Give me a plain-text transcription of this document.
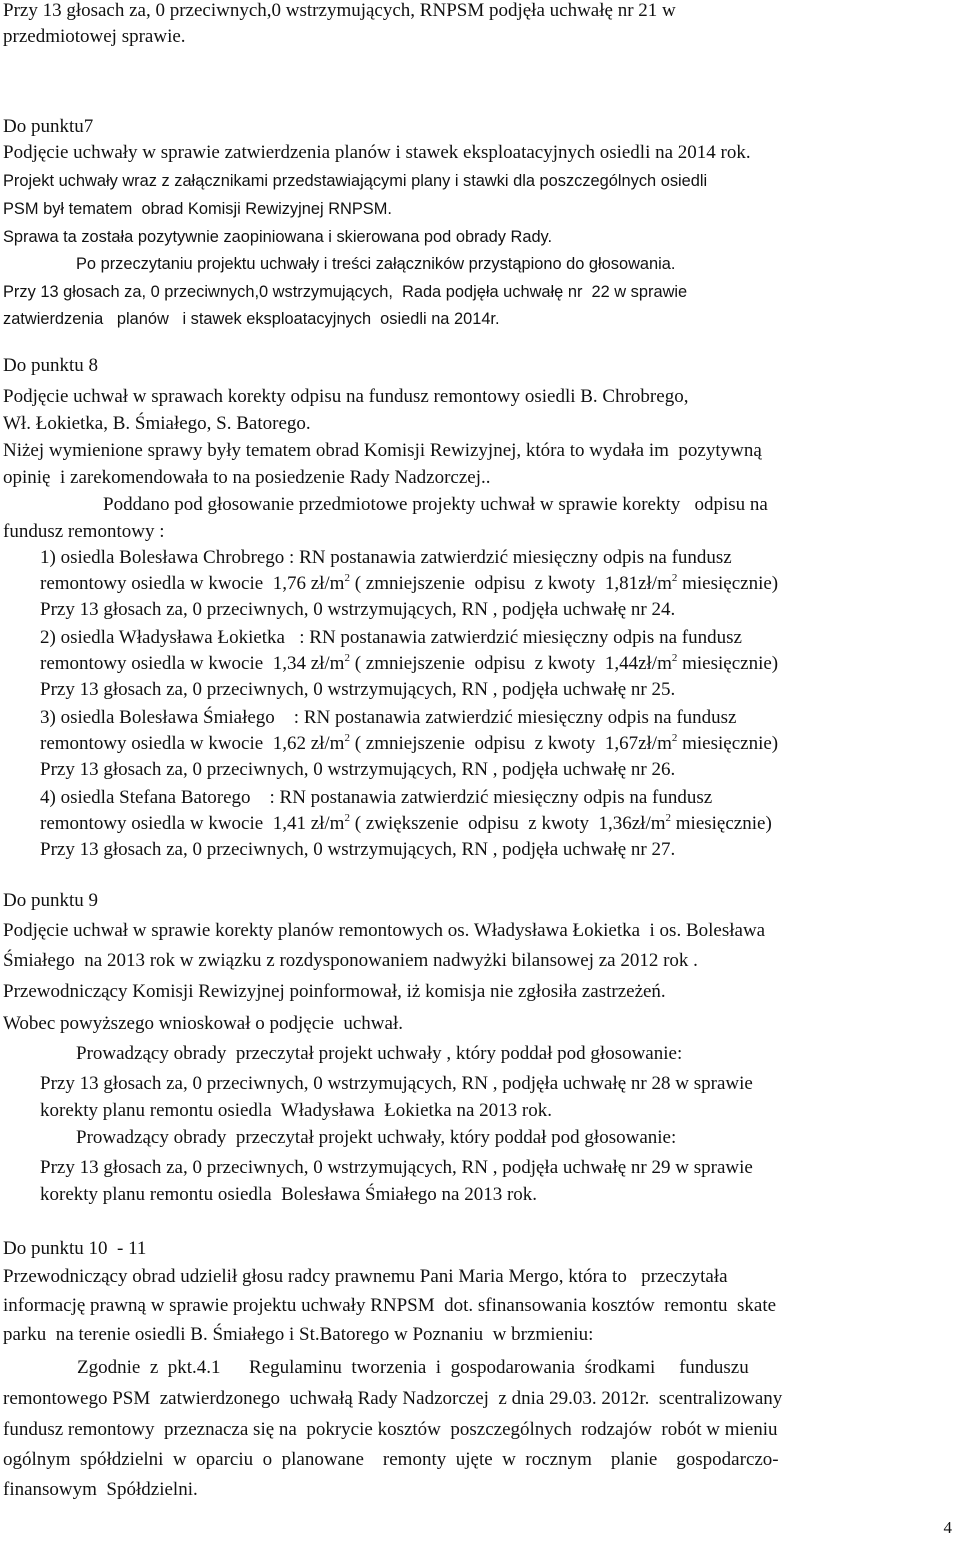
Przy 13 głosach za, 0 przeciwnych,0 wstrzymujących, RNPSM podjęła uchwałę nr 21 w

przedmiotowej sprawie.

Do punktu7

Podjęcie uchwały w sprawie zatwierdzenia planów i stawek eksploatacyjnych osiedli na 2014 rok.

Projekt uchwały wraz z załącznikami przedstawiającymi plany i stawki dla poszczególnych osiedli

PSM był tematem  obrad Komisji Rewizyjnej RNPSM.

Sprawa ta została pozytywnie zaopiniowana i skierowana pod obrady Rady.

Po przeczytaniu projektu uchwały i treści załączników przystąpiono do głosowania.

Przy 13 głosach za, 0 przeciwnych,0 wstrzymujących,  Rada podjęła uchwałę nr  22 w sprawie

zatwierdzenia   planów   i stawek eksploatacyjnych  osiedli na 2014r.

Do punktu 8

Podjęcie uchwał w sprawach korekty odpisu na fundusz remontowy osiedli B. Chrobrego,

Wł. Łokietka, B. Śmiałego, S. Batorego.

Niżej wymienione sprawy były tematem obrad Komisji Rewizyjnej, która to wydała im  pozytywną

opinię  i zarekomendowała to na posiedzenie Rady Nadzorczej..

Poddano pod głosowanie przedmiotowe projekty uchwał w sprawie korekty   odpisu na

fundusz remontowy :

1) osiedla Bolesława Chrobrego : RN postanawia zatwierdzić miesięczny odpis na fundusz

remontowy osiedla w kwocie  1,76 $zł/m^2$ ( zmniejszenie  odpisu  z kwoty  $1,81zł/m^2$ miesięcznie)

Przy 13 głosach za, 0 przeciwnych, 0 wstrzymujących, RN , podjęła uchwałę nr 24.

2) osiedla Władysława Łokietka   : RN postanawia zatwierdzić miesięczny odpis na fundusz

remontowy osiedla w kwocie  1,34 $zł/m^2$ ( zmniejszenie  odpisu  z kwoty  $1,44zł/m^2$ miesięcznie)

Przy 13 głosach za, 0 przeciwnych, 0 wstrzymujących, RN , podjęła uchwałę nr 25.

3) osiedla Bolesława Śmiałego    : RN postanawia zatwierdzić miesięczny odpis na fundusz

remontowy osiedla w kwocie  1,62 $zł/m^2$ ( zmniejszenie  odpisu  z kwoty  $1,67zł/m^2$ miesięcznie)

Przy 13 głosach za, 0 przeciwnych, 0 wstrzymujących, RN , podjęła uchwałę nr 26.

4) osiedla Stefana Batorego    : RN postanawia zatwierdzić miesięczny odpis na fundusz

remontowy osiedla w kwocie  1,41 $zł/m^2$ ( zwiększenie  odpisu  z kwoty  $1,36zł/m^2$ miesięcznie)

Przy 13 głosach za, 0 przeciwnych, 0 wstrzymujących, RN , podjęła uchwałę nr 27.

Do punktu 9

Podjęcie uchwał w sprawie korekty planów remontowych os. Władysława Łokietka  i os. Bolesława

Śmiałego  na 2013 rok w związku z rozdysponowaniem nadwyżki bilansowej za 2012 rok .

Przewodniczący Komisji Rewizyjnej poinformował, iż komisja nie zgłosiła zastrzeżeń.

Wobec powyższego wnioskował o podjęcie  uchwał.

Prowadzący obrady  przeczytał projekt uchwały , który poddał pod głosowanie:

Przy 13 głosach za, 0 przeciwnych, 0 wstrzymujących, RN , podjęła uchwałę nr 28 w sprawie

korekty planu remontu osiedla  Władysława  Łokietka na 2013 rok.

Prowadzący obrady  przeczytał projekt uchwały, który poddał pod głosowanie:

Przy 13 głosach za, 0 przeciwnych, 0 wstrzymujących, RN , podjęła uchwałę nr 29 w sprawie

korekty planu remontu osiedla  Bolesława Śmiałego na 2013 rok.

Do punktu 10  - 11

Przewodniczący obrad udzielił głosu radcy prawnemu Pani Maria Mergo, która to   przeczytała

informację prawną w sprawie projektu uchwały RNPSM  dot. sfinansowania kosztów  remontu  skate

parku  na terenie osiedli B. Śmiałego i St.Batorego w Poznaniu  w brzmieniu:

Zgodnie  z  pkt.4.1      Regulaminu  tworzenia  i  gospodarowania  środkami     funduszu

remontowego PSM  zatwierdzonego  uchwałą Rady Nadzorczej  z dnia 29.03. 2012r.  scentralizowany

fundusz remontowy  przeznacza się na  pokrycie kosztów  poszczególnych  rodzajów  robót w mieniu

ogólnym  spółdzielni  w  oparciu  o  planowane    remonty  ujęte  w  rocznym    planie    gospodarczo-

finansowym  Spółdzielni.

4
